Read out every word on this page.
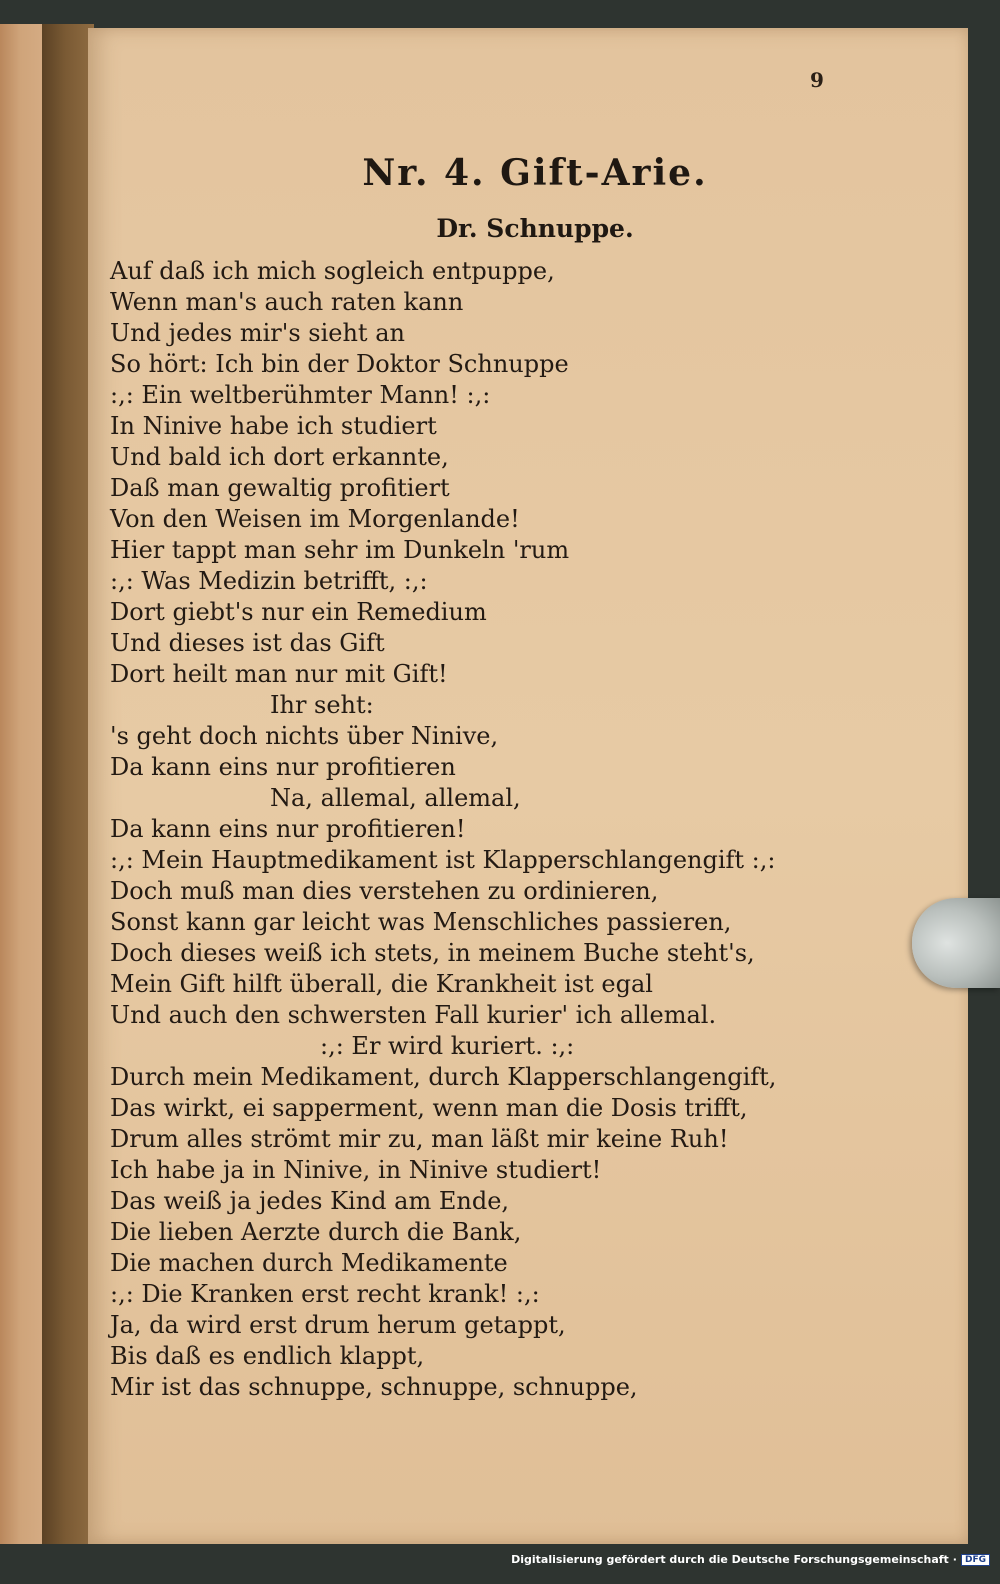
9
Nr. 4. Gift-Arie.
Dr. Schnuppe.
Auf daß ich mich sogleich entpuppe,
Wenn man's auch raten kann
Und jedes mir's sieht an
So hört: Ich bin der Doktor Schnuppe
:,: Ein weltberühmter Mann! :,:
In Ninive habe ich studiert
Und bald ich dort erkannte,
Daß man gewaltig profitiert
Von den Weisen im Morgenlande!
Hier tappt man sehr im Dunkeln 'rum
:,: Was Medizin betrifft, :,:
Dort giebt's nur ein Remedium
Und dieses ist das Gift
Dort heilt man nur mit Gift!
Ihr seht:
's geht doch nichts über Ninive,
Da kann eins nur profitieren
Na, allemal, allemal,
Da kann eins nur profitieren!
:,: Mein Hauptmedikament ist Klapperschlangengift :,:
Doch muß man dies verstehen zu ordinieren,
Sonst kann gar leicht was Menschliches passieren,
Doch dieses weiß ich stets, in meinem Buche steht's,
Mein Gift hilft überall, die Krankheit ist egal
Und auch den schwersten Fall kurier' ich allemal.
:,: Er wird kuriert. :,:
Durch mein Medikament, durch Klapperschlangengift,
Das wirkt, ei sapperment, wenn man die Dosis trifft,
Drum alles strömt mir zu, man läßt mir keine Ruh!
Ich habe ja in Ninive, in Ninive studiert!
Das weiß ja jedes Kind am Ende,
Die lieben Aerzte durch die Bank,
Die machen durch Medikamente
:,: Die Kranken erst recht krank! :,:
Ja, da wird erst drum herum getappt,
Bis daß es endlich klappt,
Mir ist das schnuppe, schnuppe, schnuppe,
Digitalisierung gefördert durch die Deutsche Forschungsgemeinschaft · DFG
